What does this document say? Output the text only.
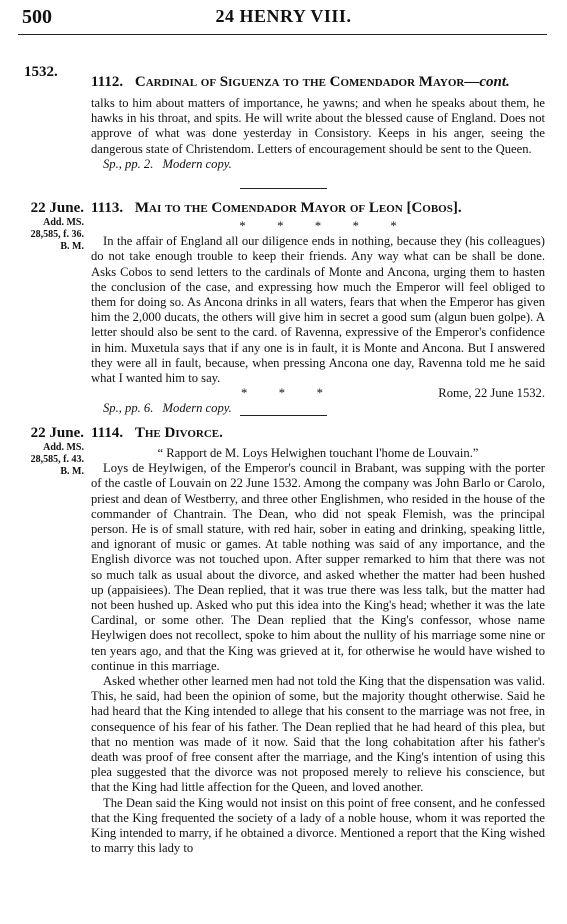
500	24 HENRY VIII.
1532.
1112. Cardinal of Siguenza to the Comendador Mayor—cont.

talks to him about matters of importance, he yawns; and when he speaks about them, he hawks in his throat, and spits. He will write about the blessed cause of England. Does not approve of what was done yesterday in Consistory. Keeps in his anger, seeing the dangerous state of Christendom. Letters of encouragement should be sent to the Queen.

Sp., pp. 2. Modern copy.
22 June.
Add. MS.
28,585, f. 36.
B. M.
1113. Mai to the Comendador Mayor of Leon [Cobos].
*          *          *          *          *

In the affair of England all our diligence ends in nothing, because they (his colleagues) do not take enough trouble to keep their friends. Any way what can be shall be done. Asks Cobos to send letters to the cardinals of Monte and Ancona, urging them to hasten the conclusion of the case, and expressing how much the Emperor will feel obliged to them for doing so. As Ancona drinks in all waters, fears that when the Emperor has given him the 2,000 ducats, the others will give him in secret a good sum (algun buen golpe). A letter should also be sent to the card. of Ravenna, expressive of the Emperor's confidence in him. Muxetula says that if any one is in fault, it is Monte and Ancona. But I answered they were all in fault, because, when pressing Ancona one day, Ravenna told me he said what I wanted him to say.

*          *          *	Rome, 22 June 1532.
Sp., pp. 6. Modern copy.
22 June.
Add. MS.
28,585, f. 43.
B. M.
1114. The Divorce.
“ Rapport de M. Loys Helwighen touchant l'home de Louvain.”

Loys de Heylwigen, of the Emperor's council in Brabant, was supping with the porter of the castle of Louvain on 22 June 1532. Among the company was John Barlo or Carolo, priest and dean of Westberry, and three other Englishmen, who resided in the house of the commander of Chantrain. The Dean, who did not speak Flemish, was the principal person. He is of small stature, with red hair, sober in eating and drinking, speaking little, and ignorant of music or games. At table nothing was said of any importance, and the English divorce was not touched upon. After supper remarked to him that there was not so much talk as usual about the divorce, and asked whether the matter had been hushed up (appaisiees). The Dean replied, that it was true there was less talk, but the matter had not been hushed up. Asked who put this idea into the King's head; whether it was the late Cardinal, or some other. The Dean replied that the King's confessor, whose name Heylwigen does not recollect, spoke to him about the nullity of his marriage some nine or ten years ago, and that the King was grieved at it, for otherwise he would have wished to continue in this marriage.

Asked whether other learned men had not told the King that the dispensation was valid. This, he said, had been the opinion of some, but the majority thought otherwise. Said he had heard that the King intended to allege that his consent to the marriage was not free, in consequence of his fear of his father. The Dean replied that he had heard of this plea, but that no mention was made of it now. Said that the long cohabitation after his father's death was proof of free consent after the marriage, and the King's intention of using this plea suggested that the divorce was not proposed merely to relieve his conscience, but that the King had little affection for the Queen, and loved another.

The Dean said the King would not insist on this point of free consent, and he confessed that the King frequented the society of a lady of a noble house, whom it was reported the King intended to marry, if he obtained a divorce. Mentioned a report that the King wished to marry this lady to
